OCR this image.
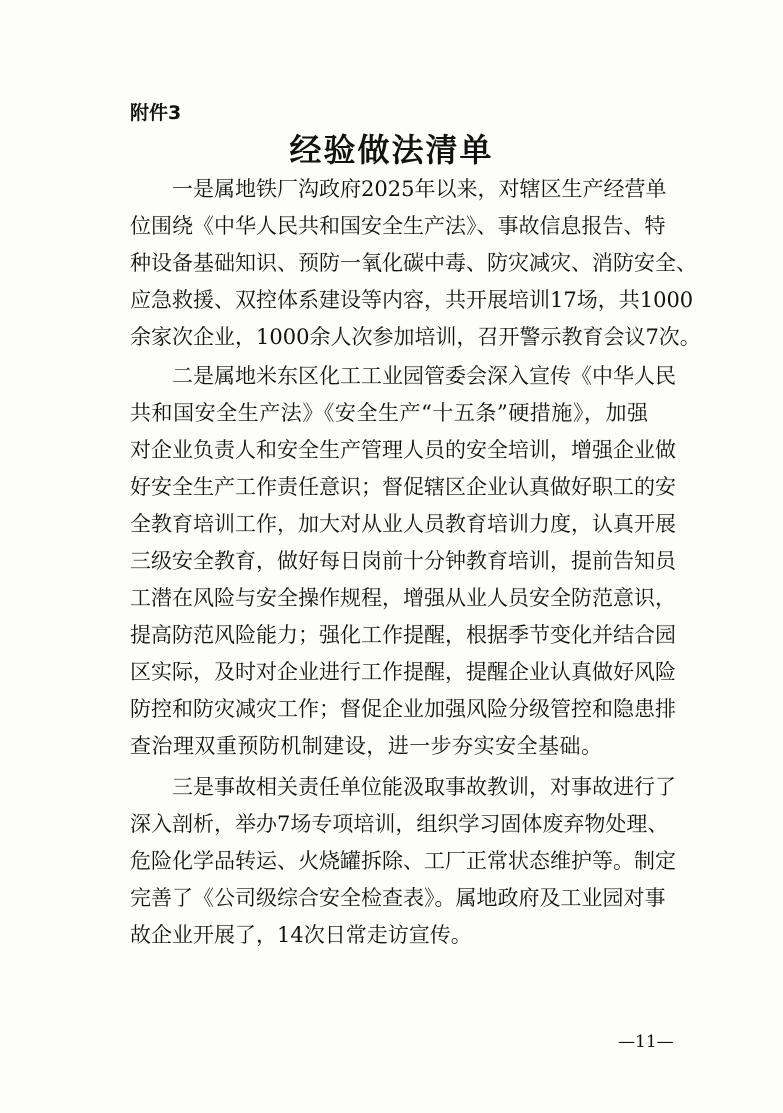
附件3
经验做法清单
一是属地铁厂沟政府2025年以来，对辖区生产经营单
位围绕《中华人民共和国安全生产法》、事故信息报告、特
种设备基础知识、预防一氧化碳中毒、防灾减灾、消防安全、
应急救援、双控体系建设等内容，共开展培训17场，共1000
余家次企业，1000余人次参加培训，召开警示教育会议7次。
二是属地米东区化工工业园管委会深入宣传《中华人民
共和国安全生产法》《安全生产“十五条”硬措施》，加强
对企业负责人和安全生产管理人员的安全培训，增强企业做
好安全生产工作责任意识；督促辖区企业认真做好职工的安
全教育培训工作，加大对从业人员教育培训力度，认真开展
三级安全教育，做好每日岗前十分钟教育培训，提前告知员
工潜在风险与安全操作规程，增强从业人员安全防范意识，
提高防范风险能力；强化工作提醒，根据季节变化并结合园
区实际，及时对企业进行工作提醒，提醒企业认真做好风险
防控和防灾减灾工作；督促企业加强风险分级管控和隐患排
查治理双重预防机制建设，进一步夯实安全基础。
三是事故相关责任单位能汲取事故教训，对事故进行了
深入剖析，举办7场专项培训，组织学习固体废弃物处理、
危险化学品转运、火烧罐拆除、工厂正常状态维护等。制定
完善了《公司级综合安全检查表》。属地政府及工业园对事
故企业开展了，14次日常走访宣传。
—11—
